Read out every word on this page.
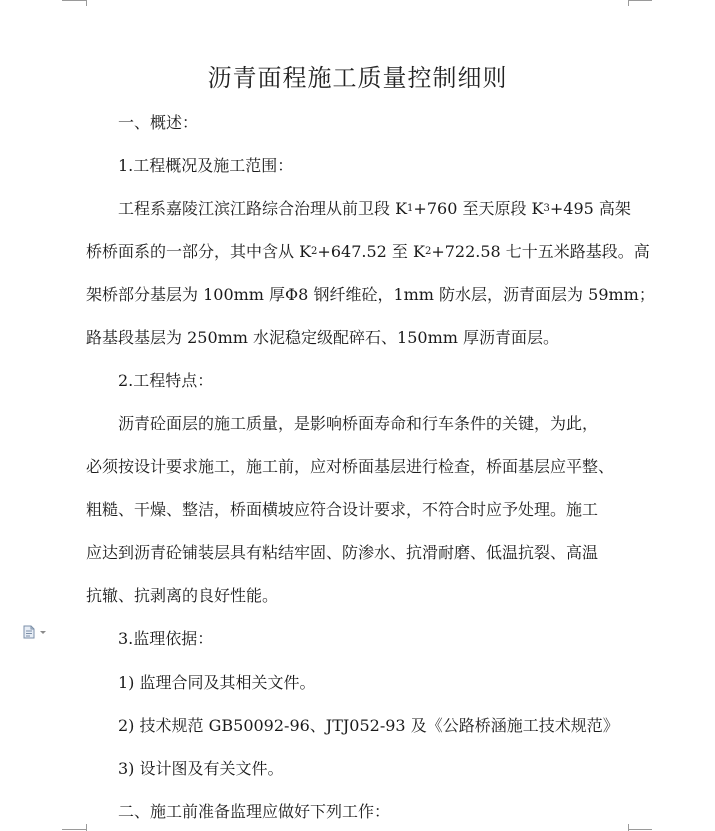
沥青面程施工质量控制细则
一、概述：
1.工程概况及施工范围：
工程系嘉陵江滨江路综合治理从前卫段 K 1 +760 至天原段 K 3 +495 高架
桥桥面系的一部分，其中含从 K 2 +647.52 至 K 2 +722.58 七十五米路基段。高
架桥部分基层为 100mm 厚Φ8 钢纤维砼，1mm 防水层，沥青面层为 59mm；
路基段基层为 250mm 水泥稳定级配碎石、150mm 厚沥青面层。
2.工程特点：
沥青砼面层的施工质量，是影响桥面寿命和行车条件的关键，为此，
必须按设计要求施工，施工前，应对桥面基层进行检查，桥面基层应平整、
粗糙、干燥、整洁，桥面横坡应符合设计要求，不符合时应予处理。施工
应达到沥青砼铺装层具有粘结牢固、防渗水、抗滑耐磨、低温抗裂、高温
抗辙、抗剥离的良好性能。
3.监理依据：
1) 监理合同及其相关文件。
2) 技术规范 GB50092-96、JTJ052-93 及《公路桥涵施工技术规范》
3) 设计图及有关文件。
二、施工前准备监理应做好下列工作：
